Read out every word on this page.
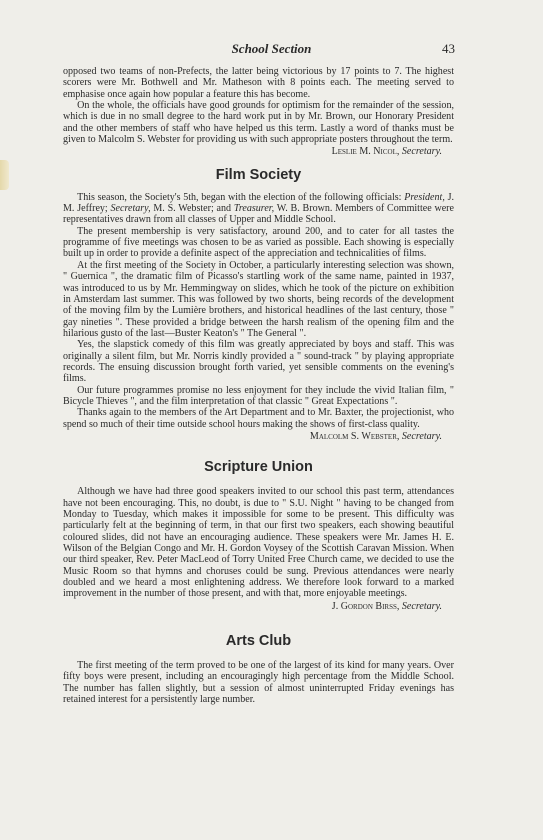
School Section	43

opposed two teams of non-Prefects, the latter being victorious by 17 points to 7. The highest scorers were Mr. Bothwell and Mr. Matheson with 8 points each. The meeting served to emphasise once again how popular a feature this has become.

On the whole, the officials have good grounds for optimism for the remainder of the session, which is due in no small degree to the hard work put in by Mr. Brown, our Honorary President and the other members of staff who have helped us this term. Lastly a word of thanks must be given to Malcolm S. Webster for providing us with such appropriate posters throughout the term.

Leslie M. Nicol, Secretary.
Film Society

This season, the Society's 5th, began with the election of the following officials: President, J. M. Jeffrey; Secretary, M. S. Webster; and Treasurer, W. B. Brown. Members of Committee were representatives drawn from all classes of Upper and Middle School.

The present membership is very satisfactory, around 200, and to cater for all tastes the programme of five meetings was chosen to be as varied as possible. Each showing is especially built up in order to provide a definite aspect of the appreciation and technicalities of films.

At the first meeting of the Society in October, a particularly interesting selection was shown, " Guernica ", the dramatic film of Picasso's startling work of the same name, painted in 1937, was introduced to us by Mr. Hemmingway on slides, which he took of the picture on exhibition in Amsterdam last summer. This was followed by two shorts, being records of the development of the moving film by the Lumière brothers, and historical headlines of the last century, those " gay nineties ". These provided a bridge between the harsh realism of the opening film and the hilarious gusto of the last—Buster Keaton's " The General ".

Yes, the slapstick comedy of this film was greatly appreciated by boys and staff. This was originally a silent film, but Mr. Norris kindly provided a " sound-track " by playing appropriate records. The ensuing discussion brought forth varied, yet sensible comments on the evening's films.

Our future programmes promise no less enjoyment for they include the vivid Italian film, " Bicycle Thieves ", and the film interpretation of that classic " Great Expectations ".

Thanks again to the members of the Art Department and to Mr. Baxter, the projectionist, who spend so much of their time outside school hours making the shows of first-class quality.

Malcolm S. Webster, Secretary.
Scripture Union

Although we have had three good speakers invited to our school this past term, attendances have not been encouraging. This, no doubt, is due to " S.U. Night " having to be changed from Monday to Tuesday, which makes it impossible for some to be present. This difficulty was particularly felt at the beginning of term, in that our first two speakers, each showing beautiful coloured slides, did not have an encouraging audience. These speakers were Mr. James H. E. Wilson of the Belgian Congo and Mr. H. Gordon Voysey of the Scottish Caravan Mission. When our third speaker, Rev. Peter MacLeod of Torry United Free Church came, we decided to use the Music Room so that hymns and choruses could be sung. Previous attendances were nearly doubled and we heard a most enlightening address. We therefore look forward to a marked improvement in the number of those present, and with that, more enjoyable meetings.

J. Gordon Birss, Secretary.
Arts Club

The first meeting of the term proved to be one of the largest of its kind for many years. Over fifty boys were present, including an encouragingly high percentage from the Middle School. The number has fallen slightly, but a session of almost uninterrupted Friday evenings has retained interest for a persistently large number.
